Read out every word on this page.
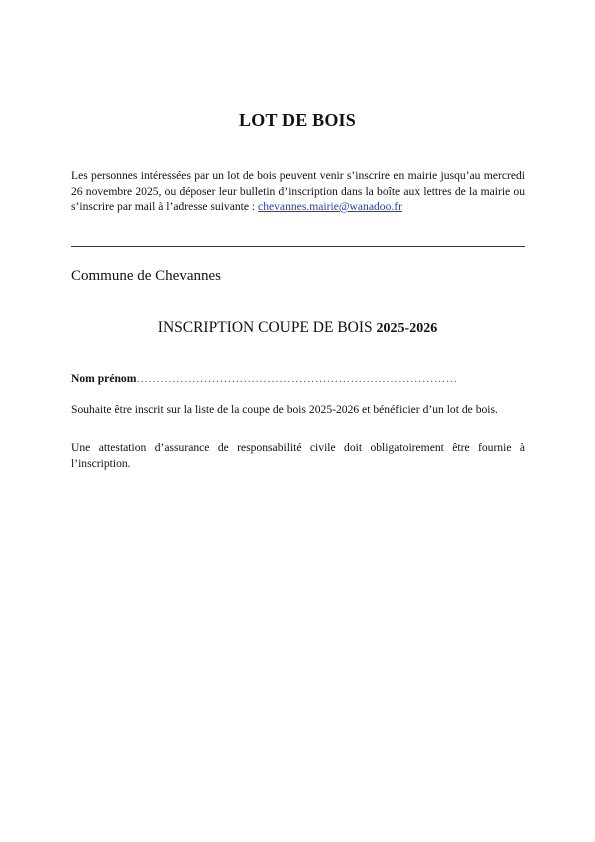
LOT DE BOIS
Les personnes intéressées par un lot de bois peuvent venir s’inscrire en mairie jusqu’au mercredi 26 novembre 2025, ou déposer leur bulletin d’inscription dans la boîte aux lettres de la mairie ou s’inscrire par mail à l’adresse suivante : chevannes.mairie@wanadoo.fr
Commune de Chevannes
INSCRIPTION COUPE DE BOIS 2025-2026
Nom prénom………………………………………………………………………
Souhaite être inscrit sur la liste de la coupe de bois 2025-2026 et bénéficier d’un lot de bois.
Une attestation d’assurance de responsabilité civile doit obligatoirement être fournie à l’inscription.
